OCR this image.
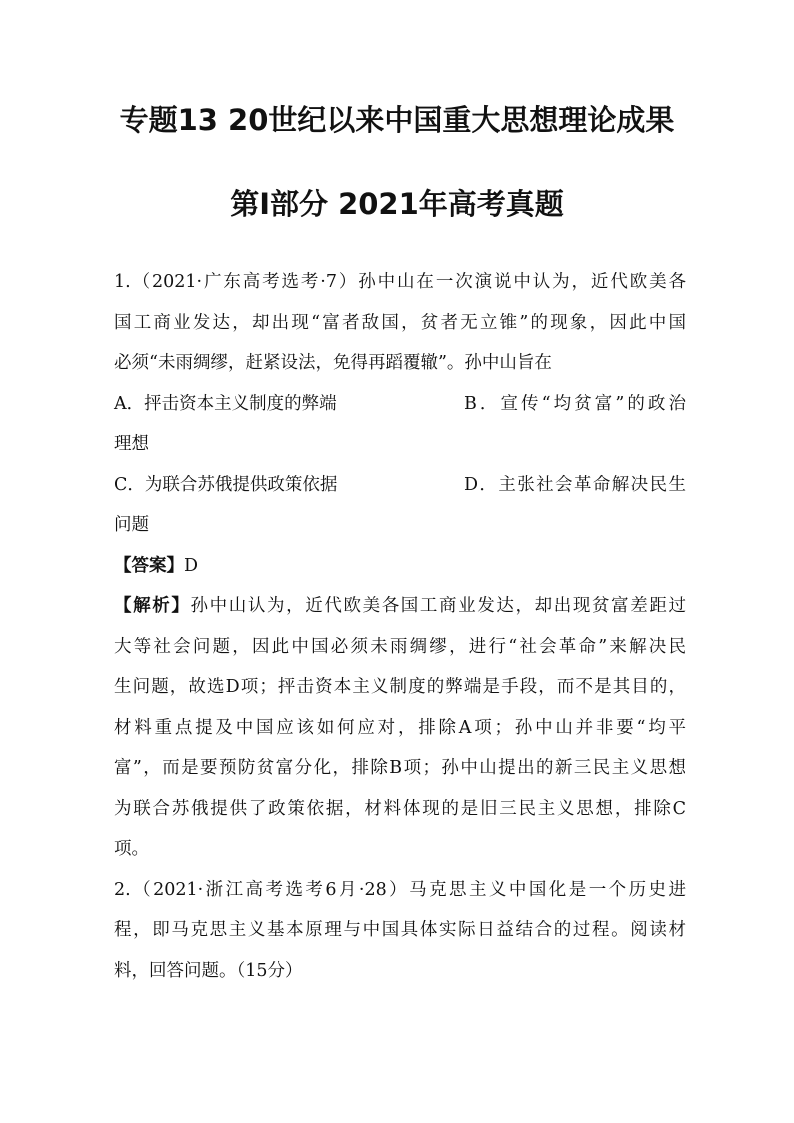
专题13 20世纪以来中国重大思想理论成果
第Ⅰ部分 2021年高考真题
1.（2021·广东高考选考·7）孙中山在一次演说中认为，近代欧美各
国工商业发达，却出现“富者敌国，贫者无立锥”的现象，因此中国
必须“未雨绸缪，赶紧设法，免得再蹈覆辙”。孙中山旨在
A．抨击资本主义制度的弊端	B．宣传“均贫富”的政治
理想
C．为联合苏俄提供政策依据	D．主张社会革命解决民生
问题
【答案】D
【解析】孙中山认为，近代欧美各国工商业发达，却出现贫富差距过
大等社会问题，因此中国必须未雨绸缪，进行“社会革命”来解决民
生问题，故选D项；抨击资本主义制度的弊端是手段，而不是其目的，
材料重点提及中国应该如何应对，排除A项；孙中山并非要“均平
富”，而是要预防贫富分化，排除B项；孙中山提出的新三民主义思想
为联合苏俄提供了政策依据，材料体现的是旧三民主义思想，排除C
项。
2.（2021·浙江高考选考6月·28）马克思主义中国化是一个历史进
程，即马克思主义基本原理与中国具体实际日益结合的过程。阅读材
料，回答问题。（15分）
